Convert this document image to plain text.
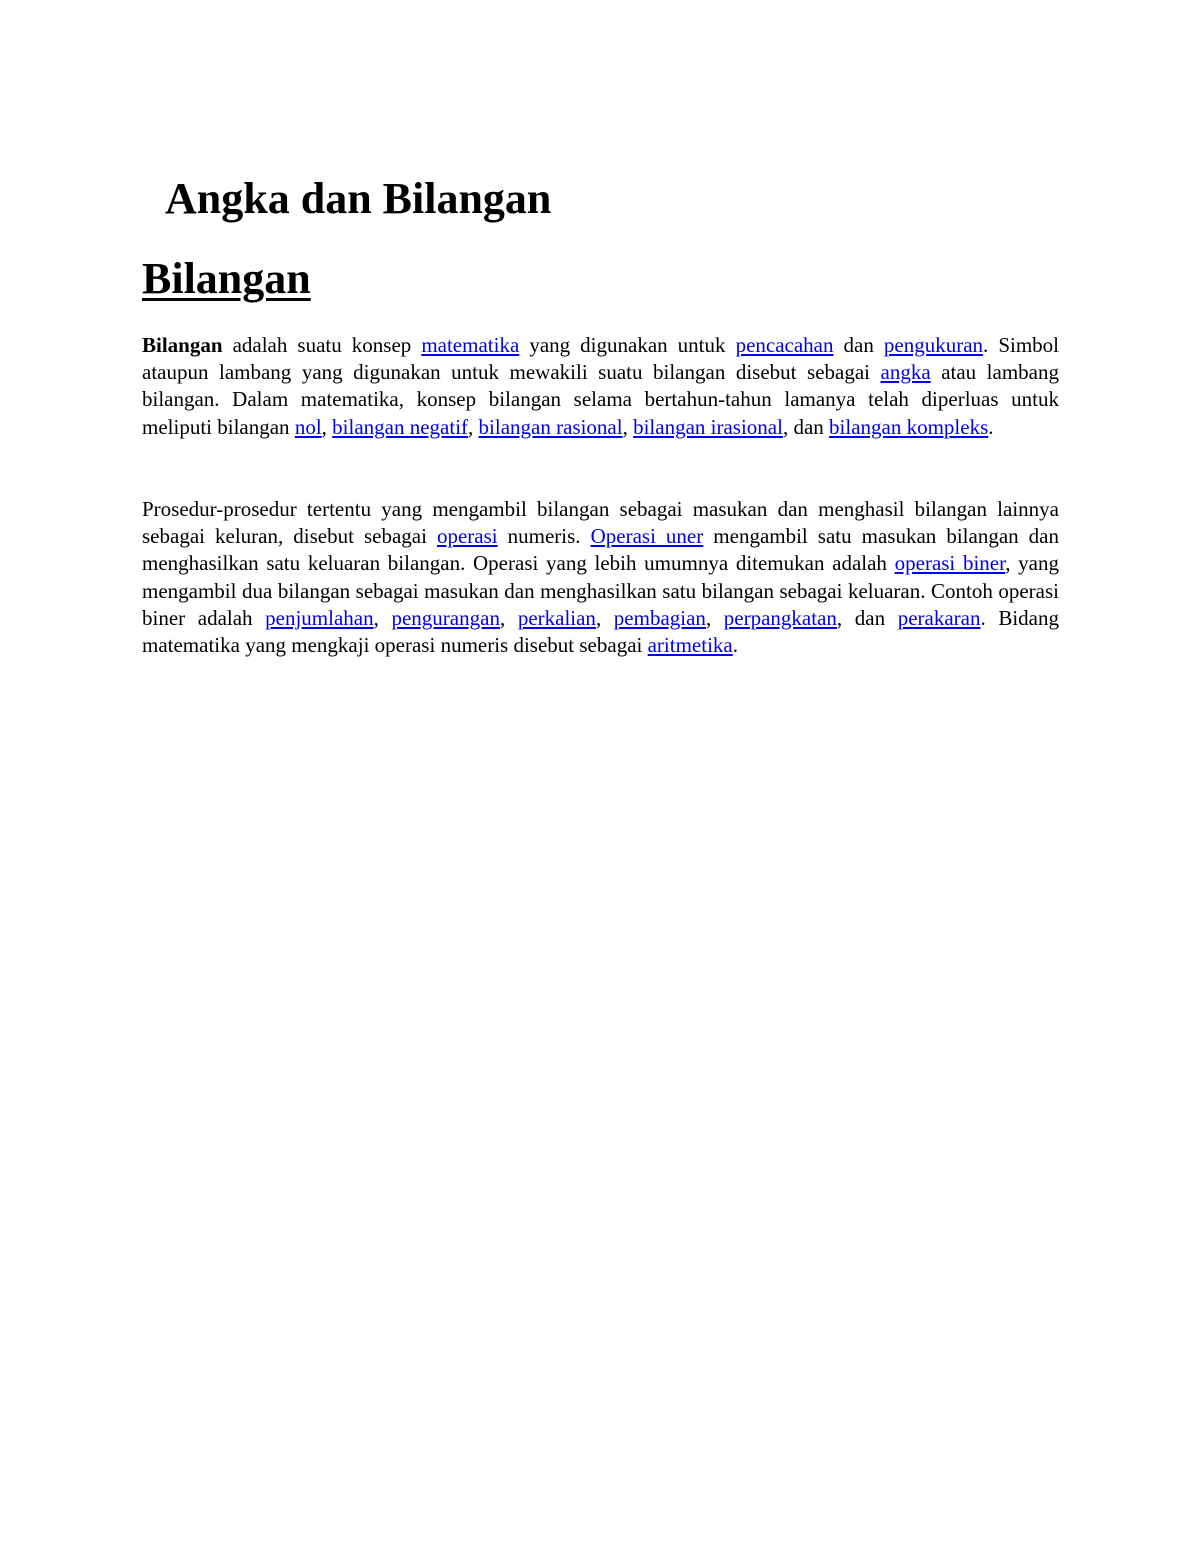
Angka dan Bilangan
Bilangan

Bilangan adalah suatu konsep matematika yang digunakan untuk pencacahan dan pengukuran. Simbol ataupun lambang yang digunakan untuk mewakili suatu bilangan disebut sebagai angka atau lambang bilangan. Dalam matematika, konsep bilangan selama bertahun-tahun lamanya telah diperluas untuk meliputi bilangan nol, bilangan negatif, bilangan rasional, bilangan irasional, dan bilangan kompleks.

Prosedur-prosedur tertentu yang mengambil bilangan sebagai masukan dan menghasil bilangan lainnya sebagai keluran, disebut sebagai operasi numeris. Operasi uner mengambil satu masukan bilangan dan menghasilkan satu keluaran bilangan. Operasi yang lebih umumnya ditemukan adalah operasi biner, yang mengambil dua bilangan sebagai masukan dan menghasilkan satu bilangan sebagai keluaran. Contoh operasi biner adalah penjumlahan, pengurangan, perkalian, pembagian, perpangkatan, dan perakaran. Bidang matematika yang mengkaji operasi numeris disebut sebagai aritmetika.
